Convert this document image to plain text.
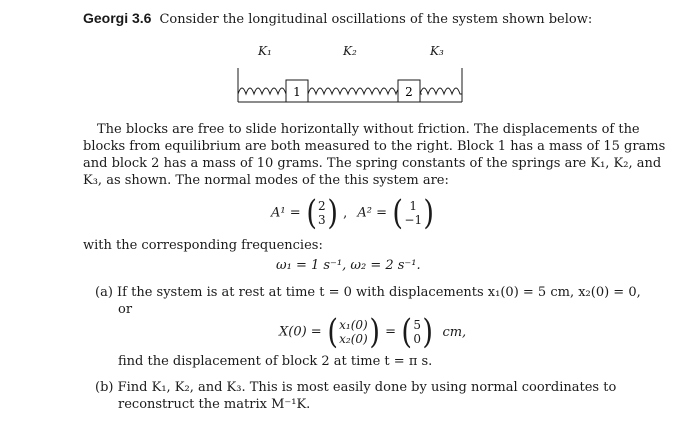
Georgi 3.6 Consider the longitudinal oscillations of the system shown below:
K₁	K₂	K₃
1	2
The blocks are free to slide horizontally without friction. The displacements of the
blocks from equilibrium are both measured to the right. Block 1 has a mass of 15 grams
and block 2 has a mass of 10 grams. The spring constants of the springs are K₁, K₂, and
K₃, as shown. The normal modes of the this system are:
A¹ = (2
3) , A² = ( 1
−1)
with the corresponding frequencies:
ω₁ = 1 s⁻¹, ω₂ = 2 s⁻¹.
(a) If the system is at rest at time t = 0 with displacements x₁(0) = 5 cm, x₂(0) = 0,
or
X(0) = (x₁(0)
x₂(0)) = (5
0) cm,
find the displacement of block 2 at time t = π s.
(b) Find K₁, K₂, and K₃. This is most easily done by using normal coordinates to
reconstruct the matrix M⁻¹K.
